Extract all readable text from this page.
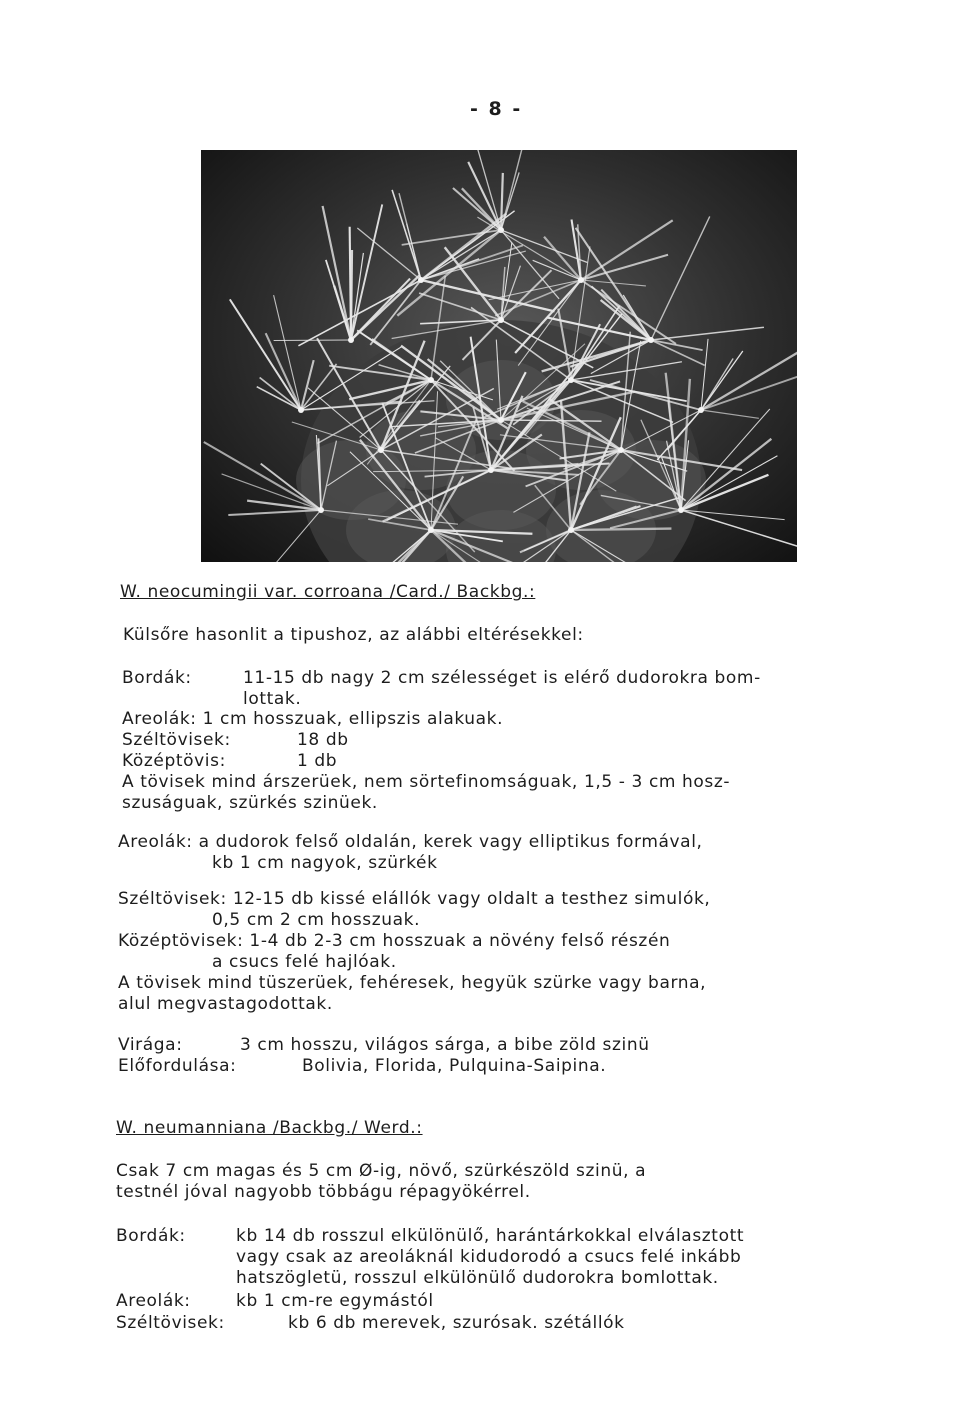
- 8 -
W. neocumingii var. corroana /Card./ Backbg.:
Külsőre hasonlit a tipushoz, az alábbi eltérésekkel:
Bordák:	11-15 db nagy 2 cm szélességet is elérő dudorokra bom-
lottak.
Areolák: 1 cm hosszuak, ellipszis alakuak.
Széltövisek:	18 db
Középtövis:	1 db
A tövisek mind árszerüek, nem sörtefinomságuak, 1,5 - 3 cm hosz-
szuságuak, szürkés szinüek.
Areolák: a dudorok felső oldalán, kerek vagy elliptikus formával,
kb 1 cm nagyok, szürkék
Széltövisek: 12-15 db kissé elállók vagy oldalt a testhez simulók,
0,5 cm 2 cm hosszuak.
Középtövisek: 1-4 db 2-3 cm hosszuak a növény felső részén
a csucs felé hajlóak.
A tövisek mind tüszerüek, fehéresek, hegyük szürke vagy barna,
alul megvastagodottak.
Virága:	3 cm hosszu, világos sárga, a bibe zöld szinü
Előfordulása:	Bolivia, Florida, Pulquina-Saipina.
W. neumanniana /Backbg./ Werd.:
Csak 7 cm magas és 5 cm Ø-ig, növő, szürkészöld szinü, a
testnél jóval nagyobb többágu répagyökérrel.
Bordák:	kb 14 db rosszul elkülönülő, harántárkokkal elválasztott
vagy csak az areoláknál kidudorodó a csucs felé inkább
hatszögletü, rosszul elkülönülő dudorokra bomlottak.
Areolák:	kb 1 cm-re egymástól
Széltövisek:	kb 6 db merevek, szurósak. szétállók
